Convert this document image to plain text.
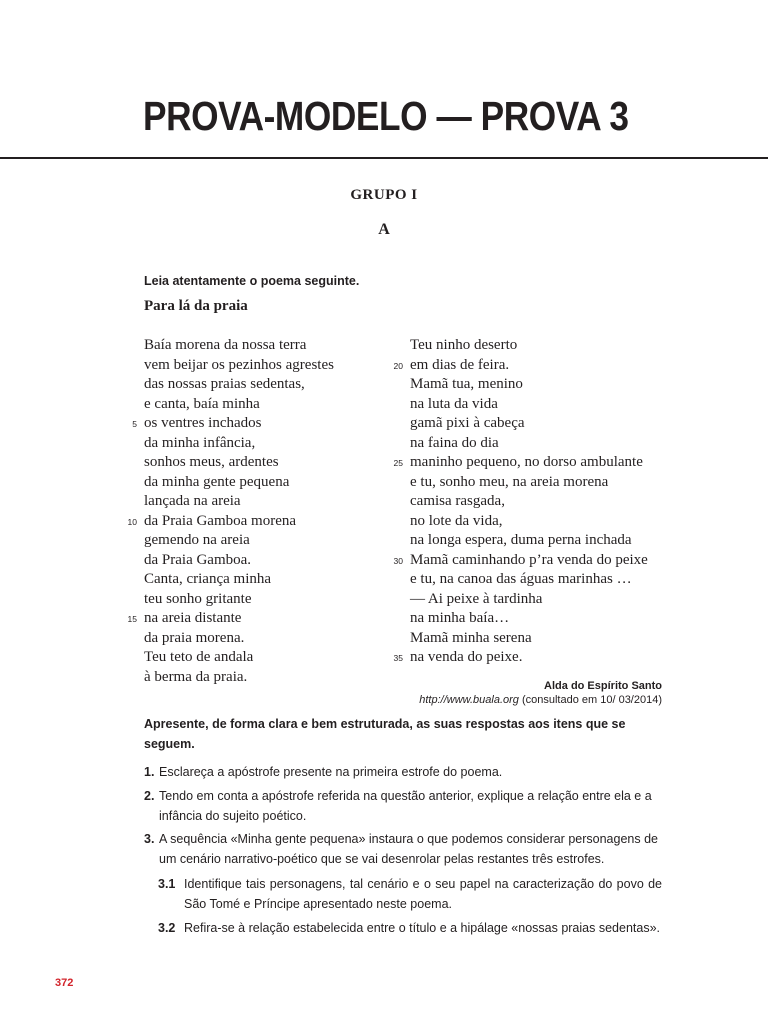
PROVA-MODELO — PROVA 3
GRUPO I
A
Leia atentamente o poema seguinte.
Para lá da praia
Baía morena da nossa terra
vem beijar os pezinhos agrestes
das nossas praias sedentas,
e canta, baía minha
5 os ventres inchados
da minha infância,
sonhos meus, ardentes
da minha gente pequena
lançada na areia
10 da Praia Gamboa morena
gemendo na areia
da Praia Gamboa.
Canta, criança minha
teu sonho gritante
15 na areia distante
da praia morena.
Teu teto de andala
à berma da praia.
Teu ninho deserto
20 em dias de feira.
Mamã tua, menino
na luta da vida
gamã pixi à cabeça
na faina do dia
25 maninho pequeno, no dorso ambulante
e tu, sonho meu, na areia morena
camisa rasgada,
no lote da vida,
na longa espera, duma perna inchada
30 Mamã caminhando p’ra venda do peixe
e tu, na canoa das águas marinhas …
— Ai peixe à tardinha
na minha baía…
Mamã minha serena
35 na venda do peixe.
Alda do Espírito Santo
http://www.buala.org (consultado em 10/ 03/2014)
Apresente, de forma clara e bem estruturada, as suas respostas aos itens que se seguem.
1. Esclareça a apóstrofe presente na primeira estrofe do poema.
2. Tendo em conta a apóstrofe referida na questão anterior, explique a relação entre ela e a infância do sujeito poético.
3. A sequência «Minha gente pequena» instaura o que podemos considerar personagens de um cenário narrativo-poético que se vai desenrolar pelas restantes três estrofes.
3.1 Identifique tais personagens, tal cenário e o seu papel na caracterização do povo de São Tomé e Príncipe apresentado neste poema.
3.2 Refira-se à relação estabelecida entre o título e a hipálage «nossas praias sedentas».
372
